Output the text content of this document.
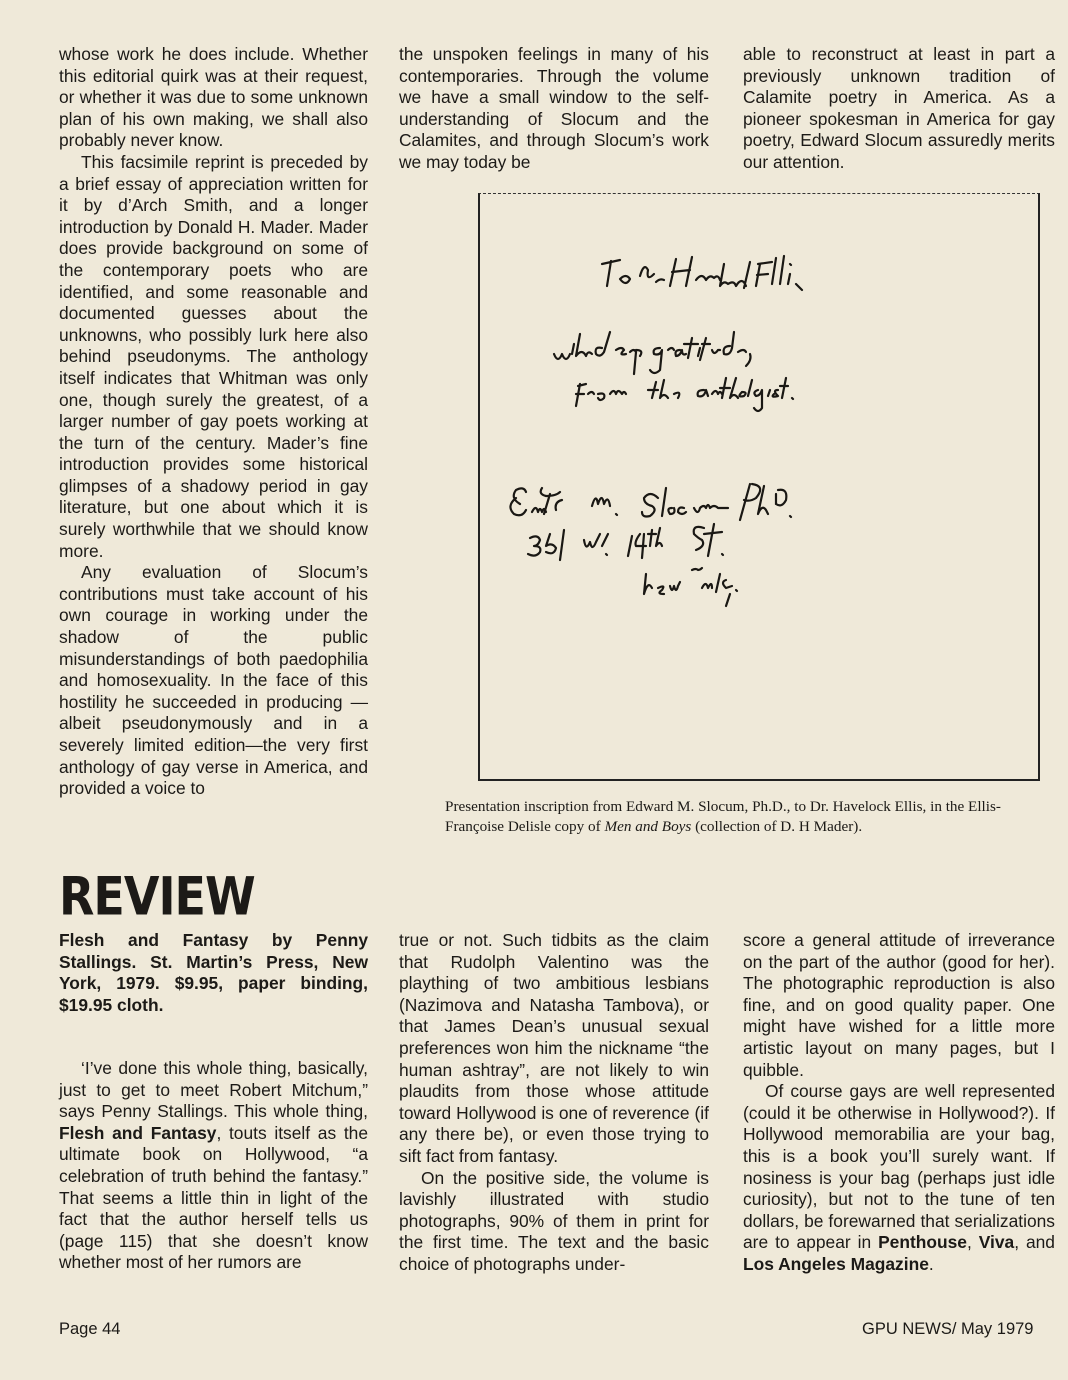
whose work he does include. Whether this editorial quirk was at their request, or whether it was due to some unknown plan of his own making, we shall also probably never know.

This facsimile reprint is preceded by a brief essay of appreciation written for it by d’Arch Smith, and a longer introduction by Donald H. Mader. Mader does provide background on some of the contemporary poets who are identified, and some reasonable and documented guesses about the unknowns, who possibly lurk here also behind pseudonyms. The anthology itself indicates that Whitman was only one, though surely the greatest, of a larger number of gay poets working at the turn of the century. Mader’s fine introduction provides some historical glimpses of a shadowy period in gay literature, but one about which it is surely worthwhile that we should know more.

Any evaluation of Slocum’s contributions must take account of his own courage in working under the shadow of the public misunderstandings of both paedophilia and homosexuality. In the face of this hostility he succeeded in producing —albeit pseudonymously and in a severely limited edition—the very first anthology of gay verse in America, and provided a voice to

the unspoken feelings in many of his contemporaries. Through the volume we have a small window to the self-understanding of Slocum and the Calamites, and through Slocum’s work we may today be

able to reconstruct at least in part a previously unknown tradition of Calamite poetry in America. As a pioneer spokesman in America for gay poetry, Edward Slocum assuredly merits our attention.

Presentation inscription from Edward M. Slocum, Ph.D., to Dr. Havelock Ellis, in the Ellis-Françoise Delisle copy of Men and Boys (collection of D. H Mader).
REVIEW
Flesh and Fantasy by Penny Stallings. St. Martin’s Press, New York, 1979. $9.95, paper binding, $19.95 cloth.

‘I’ve done this whole thing, basically, just to get to meet Robert Mitchum,” says Penny Stallings. This whole thing, Flesh and Fantasy, touts itself as the ultimate book on Hollywood, “a celebration of truth behind the fantasy.” That seems a little thin in light of the fact that the author herself tells us (page 115) that she doesn’t know whether most of her rumors are

true or not. Such tidbits as the claim that Rudolph Valentino was the plaything of two ambitious lesbians (Nazimova and Natasha Tambova), or that James Dean’s unusual sexual preferences won him the nickname “the human ashtray”, are not likely to win plaudits from those whose attitude toward Hollywood is one of reverence (if any there be), or even those trying to sift fact from fantasy.

On the positive side, the volume is lavishly illustrated with studio photographs, 90% of them in print for the first time. The text and the basic choice of photographs under-

score a general attitude of irreverance on the part of the author (good for her). The photographic reproduction is also fine, and on good quality paper. One might have wished for a little more artistic layout on many pages, but I quibble.

Of course gays are well represented (could it be otherwise in Hollywood?). If Hollywood memorabilia are your bag, this is a book you’ll surely want. If nosiness is your bag (perhaps just idle curiosity), but not to the tune of ten dollars, be forewarned that serializations are to appear in Penthouse, Viva, and Los Angeles Magazine.

Page 44	GPU NEWS/ May 1979
